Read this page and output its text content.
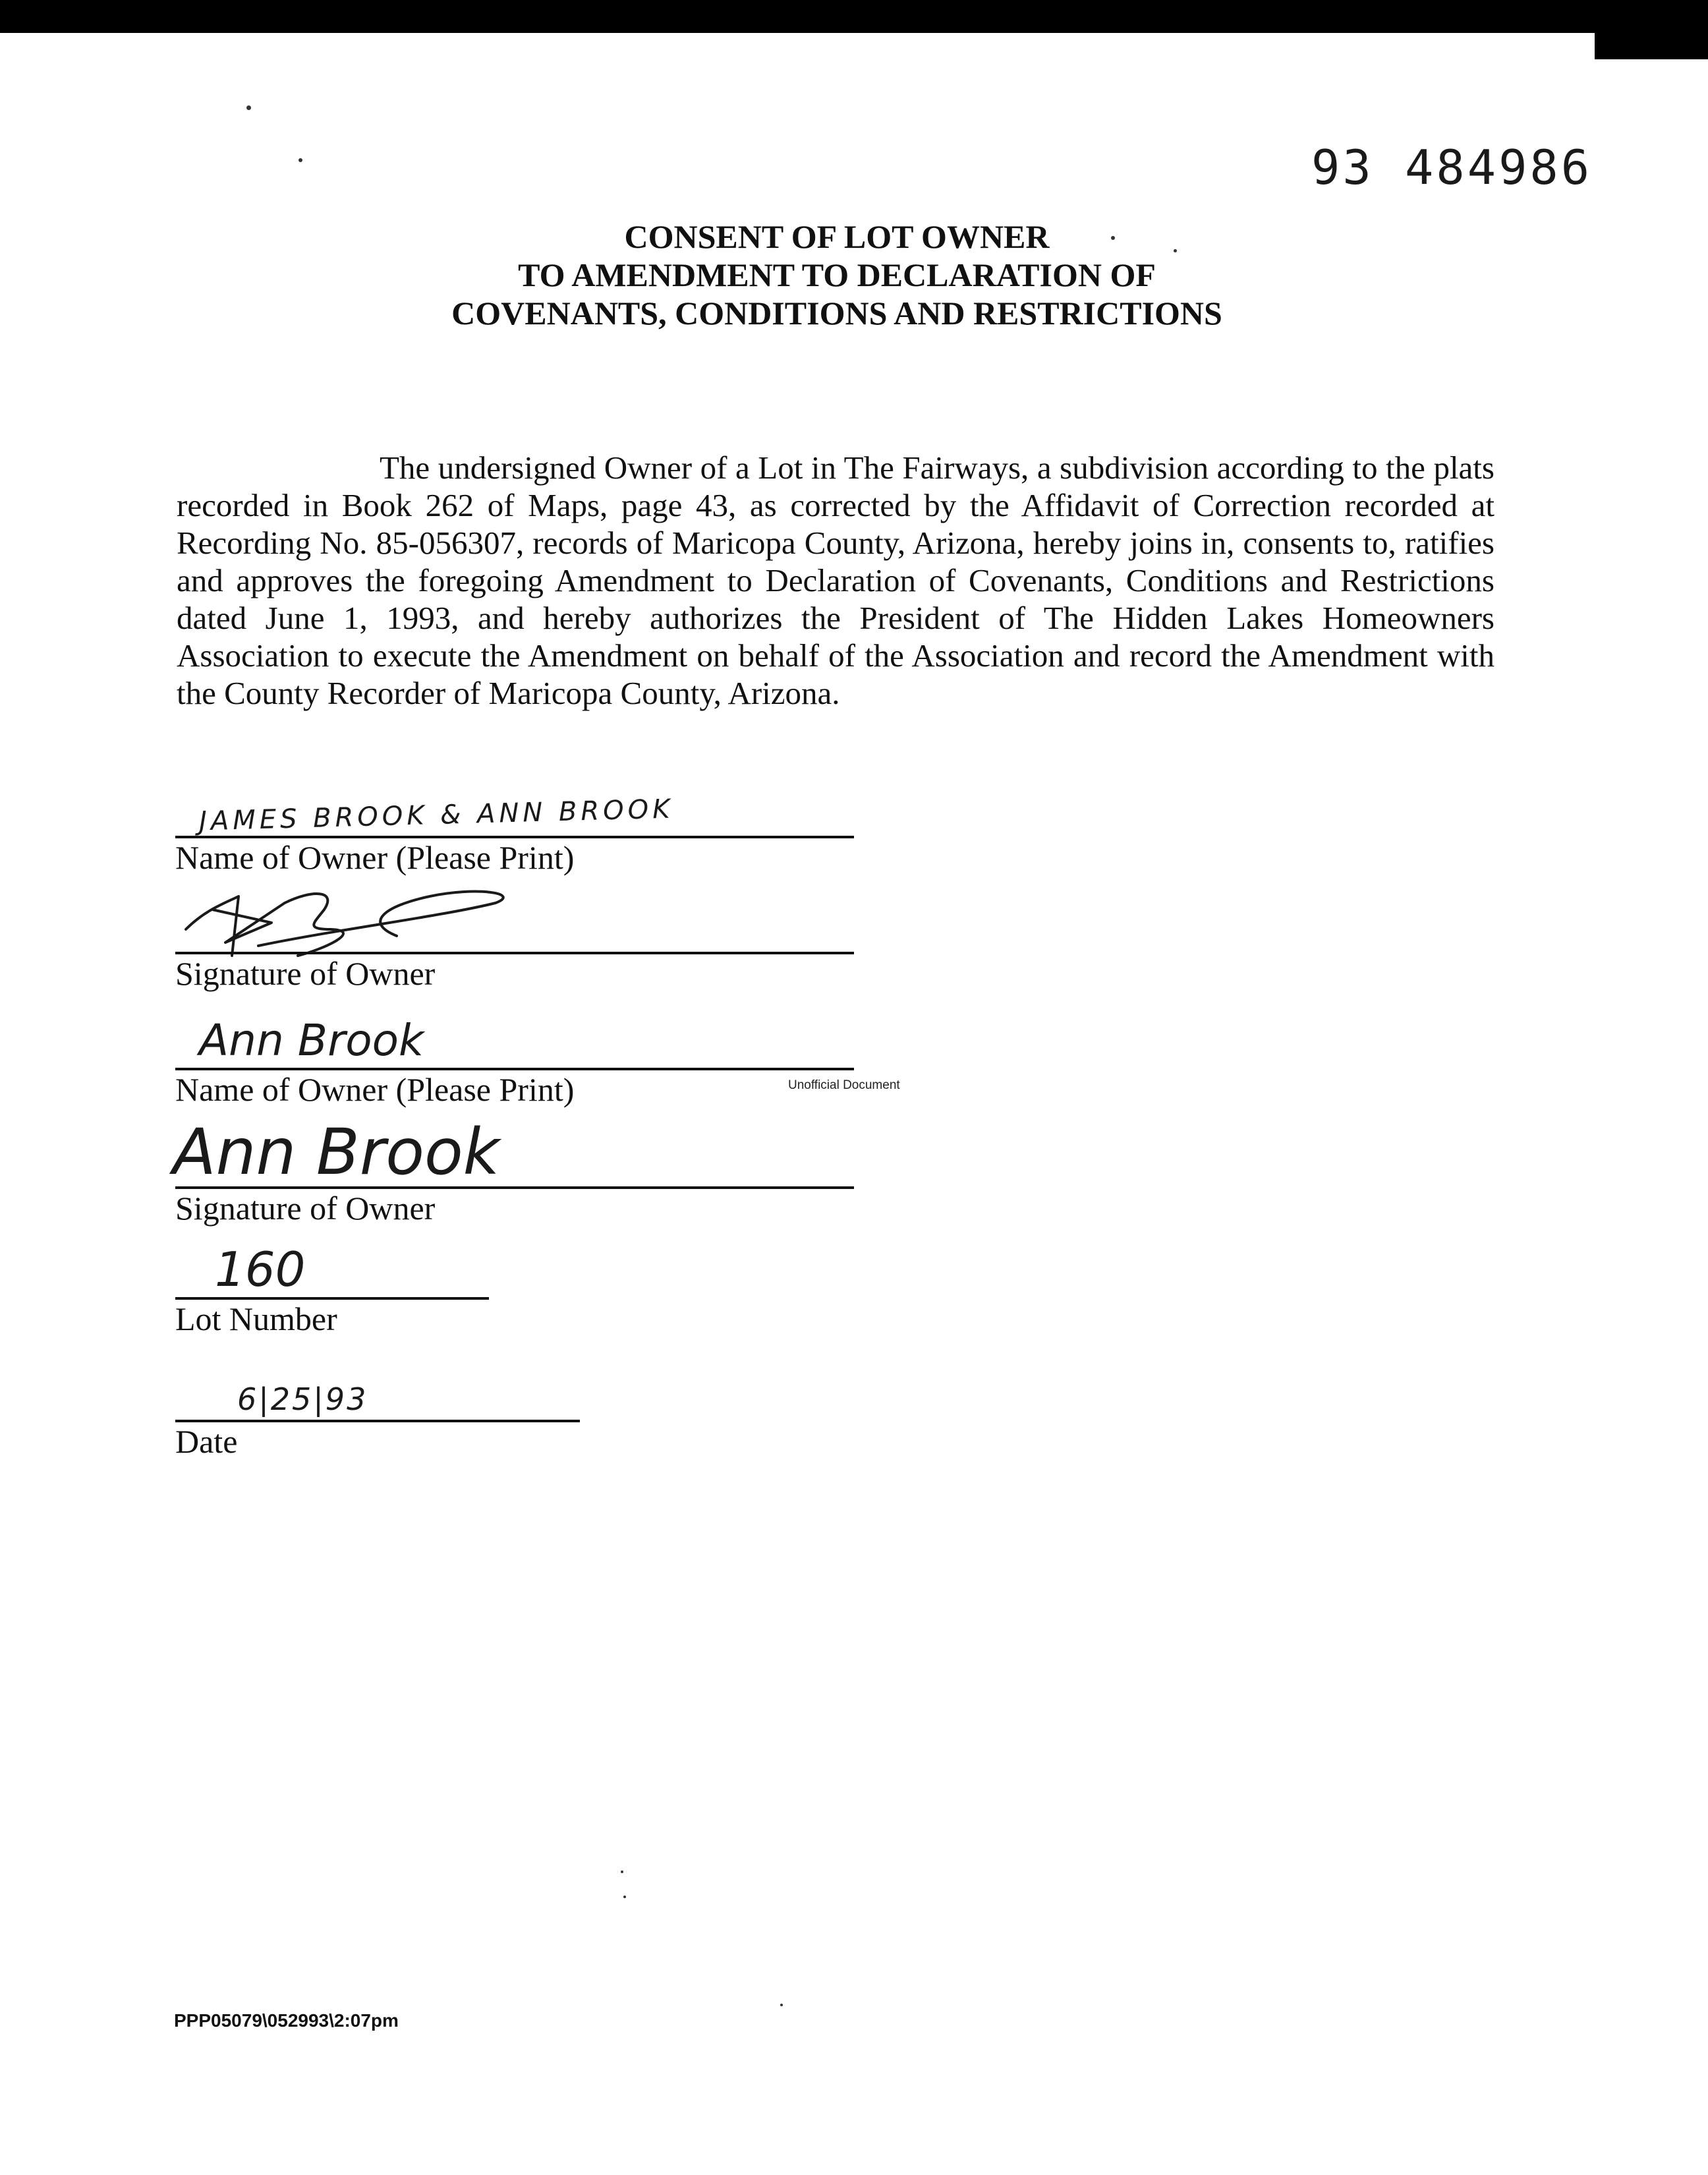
93 484986
CONSENT OF LOT OWNER
TO AMENDMENT TO DECLARATION OF
COVENANTS, CONDITIONS AND RESTRICTIONS

The undersigned Owner of a Lot in The Fairways, a subdivision according to the plats recorded in Book 262 of Maps, page 43, as corrected by the Affidavit of Correction recorded at Recording No. 85-056307, records of Maricopa County, Arizona, hereby joins in, consents to, ratifies and approves the foregoing Amendment to Declaration of Covenants, Conditions and Restrictions dated June 1, 1993, and hereby authorizes the President of The Hidden Lakes Homeowners Association to execute the Amendment on behalf of the Association and record the Amendment with the County Recorder of Maricopa County, Arizona.

JAMES BROOK & ANN BROOK
Name of Owner (Please Print)
Signature of Owner
Ann Brook
Name of Owner (Please Print)	Unofficial Document
Ann Brook
Signature of Owner
160
Lot Number
6|25|93
Date
PPP05079\052993\2:07pm
